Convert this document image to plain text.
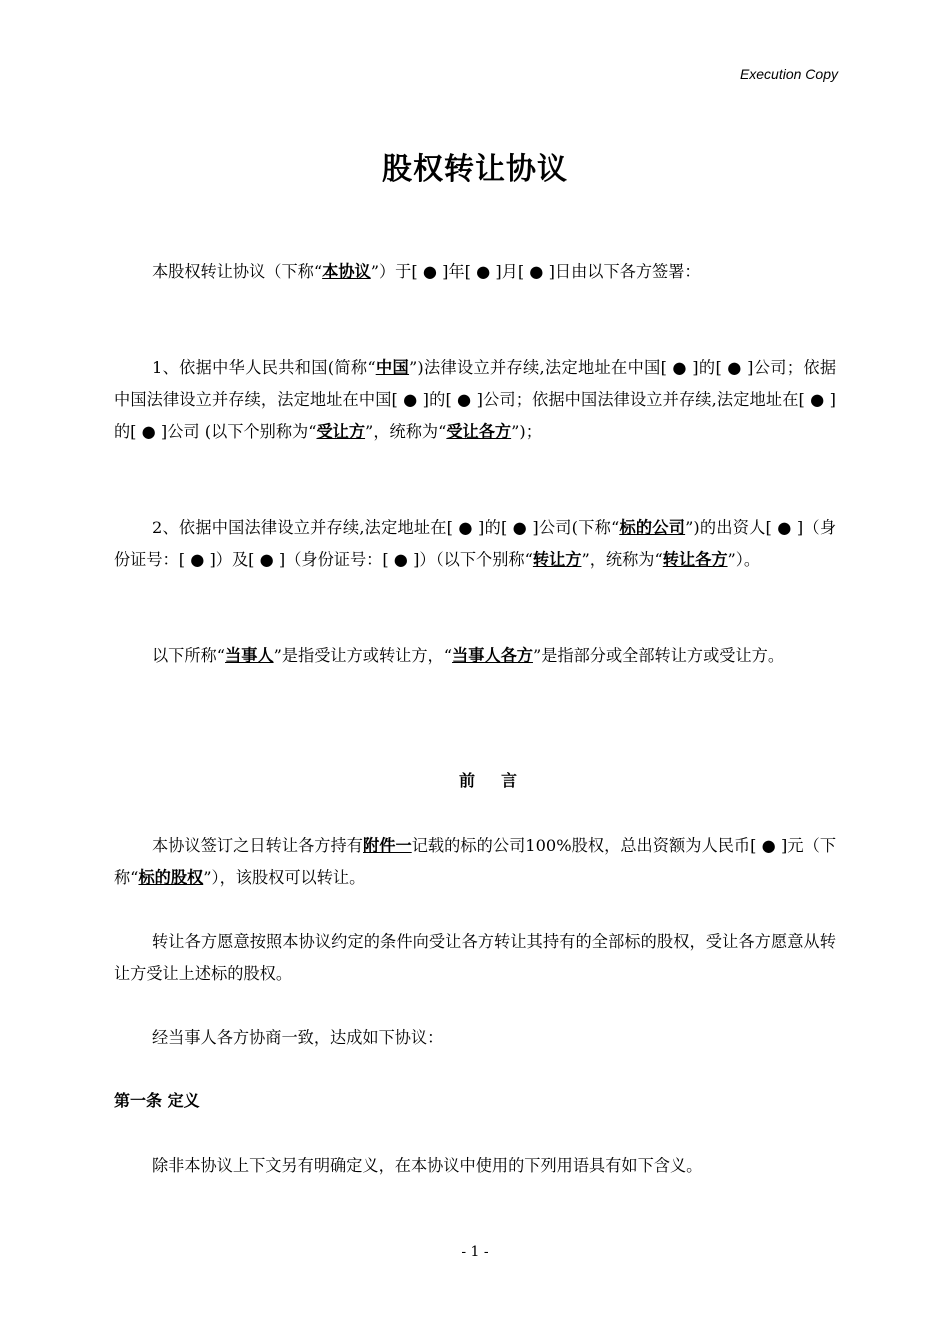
Execution Copy
股权转让协议

本股权转让协议（下称“本协议”）于[ ● ]年[ ● ]月[ ● ]日由以下各方签署：

1、依据中华人民共和国(简称“中国”)法律设立并存续,法定地址在中国[ ● ]的[ ● ]公司；依据中国法律设立并存续，法定地址在中国[ ● ]的[ ● ]公司；依据中国法律设立并存续,法定地址在[ ● ]的[ ● ]公司 (以下个别称为“受让方”，统称为“受让各方”)；

2、依据中国法律设立并存续,法定地址在[ ● ]的[ ● ]公司(下称“标的公司”)的出资人[ ● ]（身份证号：[ ● ]）及[ ● ]（身份证号：[ ● ]）（以下个别称“转让方”，统称为“转让各方”）。

以下所称“当事人”是指受让方或转让方，“当事人各方”是指部分或全部转让方或受让方。

前言

本协议签订之日转让各方持有附件一记载的标的公司100%股权，总出资额为人民币[ ● ]元（下称“标的股权”），该股权可以转让。

转让各方愿意按照本协议约定的条件向受让各方转让其持有的全部标的股权，受让各方愿意从转让方受让上述标的股权。

经当事人各方协商一致，达成如下协议：

第一条 定义

除非本协议上下文另有明确定义，在本协议中使用的下列用语具有如下含义。

- 1 -
